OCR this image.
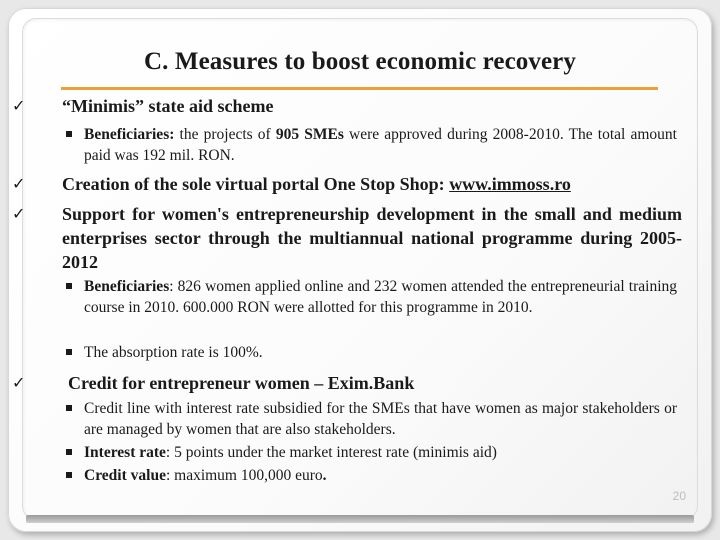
C. Measures to boost economic recovery
✓ “Minimis” state aid scheme
Beneficiaries: the projects of 905 SMEs were approved during 2008-2010. The total amount paid was 192 mil. RON.
✓ Creation of the sole virtual portal One Stop Shop: www.immoss.ro
✓ Support for women's entrepreneurship development in the small and medium enterprises sector through the multiannual national programme during 2005-2012
Beneficiaries: 826 women applied online and 232 women attended the entrepreneurial training course in 2010. 600.000 RON were allotted for this programme in 2010.
The absorption rate is 100%.
✓ Credit for entrepreneur women – Exim.Bank
Credit line with interest rate subsidied for the SMEs that have women as major stakeholders or are managed by women that are also stakeholders.
Interest rate: 5 points under the market interest rate (minimis aid)
Credit value: maximum 100,000 euro.
20
